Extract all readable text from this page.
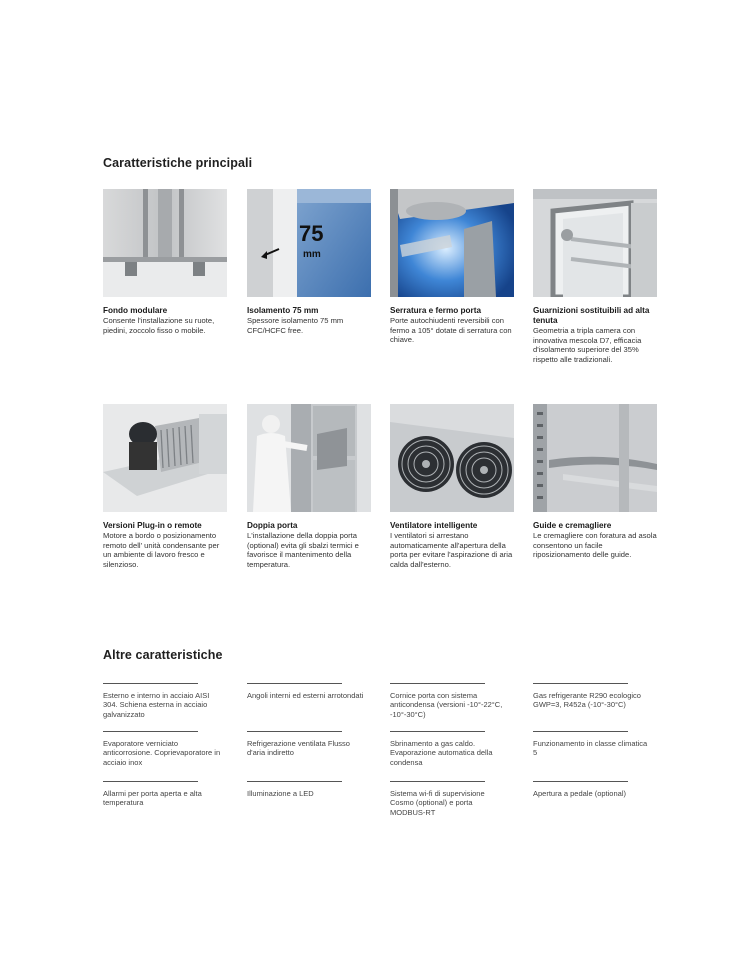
Caratteristiche principali
Fondo modulare
Consente l'installazione su ruote, piedini, zoccolo fisso o mobile.
75
mm
Isolamento 75 mm
Spessore isolamento 75 mm CFC/HCFC free.
Serratura e fermo porta
Porte autochiudenti reversibili con fermo a 105° dotate di serratura con chiave.
Guarnizioni sostituibili ad alta tenuta
Geometria a tripla camera con innovativa mescola D7, efficacia d'isolamento superiore del 35% rispetto alle tradizionali.
Versioni Plug-in o remote
Motore a bordo o posizionamento remoto dell' unità condensante per un ambiente di lavoro fresco e silenzioso.
Doppia porta
L'installazione della doppia porta (optional) evita gli sbalzi termici e favorisce il mantenimento della temperatura.
Ventilatore intelligente
I ventilatori si arrestano automaticamente all'apertura della porta per evitare l'aspirazione di aria calda dall'esterno.
Guide e cremagliere
Le cremagliere con foratura ad asola consentono un facile riposizionamento delle guide.
Altre caratteristiche
Esterno e interno in acciaio AISI 304. Schiena esterna in acciaio galvanizzato
Angoli interni ed esterni arrotondati	Cornice porta con sistema anticondensa (versioni -10°-22°C, -10°-30°C)
Gas refrigerante R290 ecologico GWP=3, R452a (-10°-30°C)
Evaporatore verniciato anticorrosione. Coprievaporatore in acciaio inox
Refrigerazione ventilata Flusso d'aria indiretto
Sbrinamento a gas caldo. Evaporazione automatica della condensa
Funzionamento in classe climatica 5
Allarmi per porta aperta e alta temperatura
Illuminazione a LED	Sistema wi-fi di supervisione Cosmo (optional) e porta MODBUS-RT
Apertura a pedale (optional)
